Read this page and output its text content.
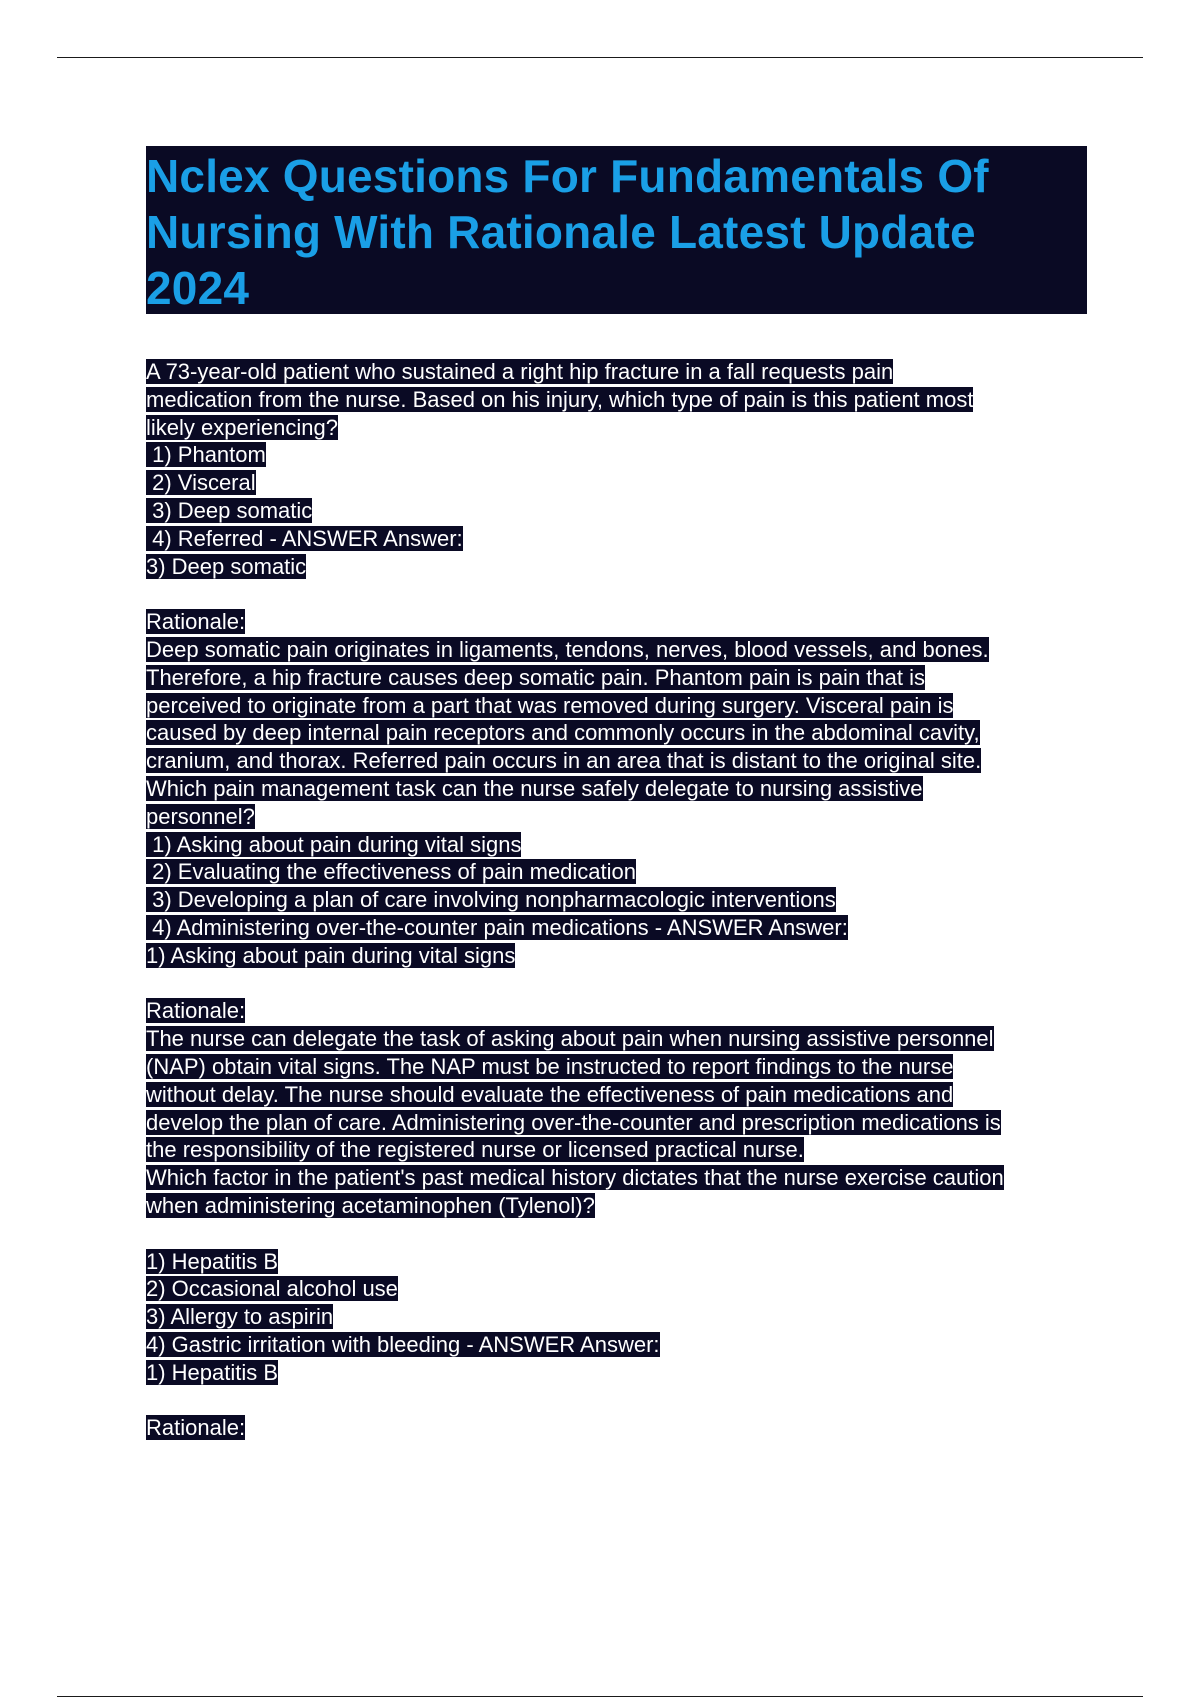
Nclex Questions For Fundamentals Of Nursing With Rationale Latest Update 2024
A 73-year-old patient who sustained a right hip fracture in a fall requests pain
medication from the nurse. Based on his injury, which type of pain is this patient most
likely experiencing?
1) Phantom
2) Visceral
3) Deep somatic
4) Referred - ANSWER Answer:
3) Deep somatic
Rationale:
Deep somatic pain originates in ligaments, tendons, nerves, blood vessels, and bones.
Therefore, a hip fracture causes deep somatic pain. Phantom pain is pain that is
perceived to originate from a part that was removed during surgery. Visceral pain is
caused by deep internal pain receptors and commonly occurs in the abdominal cavity,
cranium, and thorax. Referred pain occurs in an area that is distant to the original site.
Which pain management task can the nurse safely delegate to nursing assistive
personnel?
1) Asking about pain during vital signs
2) Evaluating the effectiveness of pain medication
3) Developing a plan of care involving nonpharmacologic interventions
4) Administering over-the-counter pain medications - ANSWER Answer:
1) Asking about pain during vital signs
Rationale:
The nurse can delegate the task of asking about pain when nursing assistive personnel
(NAP) obtain vital signs. The NAP must be instructed to report findings to the nurse
without delay. The nurse should evaluate the effectiveness of pain medications and
develop the plan of care. Administering over-the-counter and prescription medications is
the responsibility of the registered nurse or licensed practical nurse.
Which factor in the patient's past medical history dictates that the nurse exercise caution
when administering acetaminophen (Tylenol)?
1) Hepatitis B
2) Occasional alcohol use
3) Allergy to aspirin
4) Gastric irritation with bleeding - ANSWER Answer:
1) Hepatitis B
Rationale:
